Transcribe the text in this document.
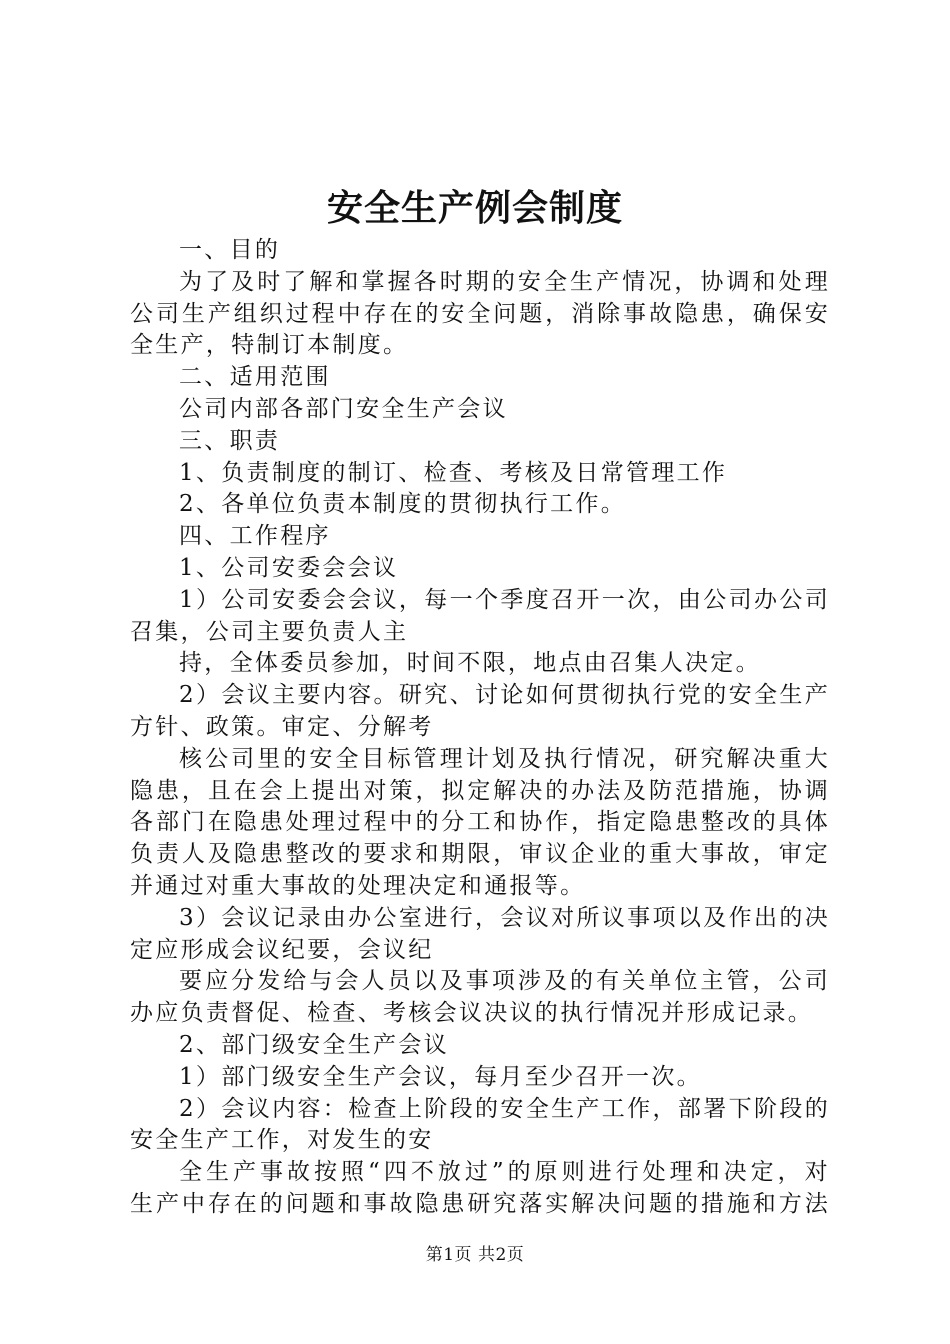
安全生产例会制度
一、目的
为了及时了解和掌握各时期的安全生产情况，协调和处理
公司生产组织过程中存在的安全问题，消除事故隐患，确保安
全生产，特制订本制度。
二、适用范围
公司内部各部门安全生产会议
三、职责
1、负责制度的制订、检查、考核及日常管理工作
2、各单位负责本制度的贯彻执行工作。
四、工作程序
1、公司安委会会议
1）公司安委会会议，每一个季度召开一次，由公司办公司
召集，公司主要负责人主
持，全体委员参加，时间不限，地点由召集人决定。
2）会议主要内容。研究、讨论如何贯彻执行党的安全生产
方针、政策。审定、分解考
核公司里的安全目标管理计划及执行情况，研究解决重大
隐患，且在会上提出对策，拟定解决的办法及防范措施，协调
各部门在隐患处理过程中的分工和协作，指定隐患整改的具体
负责人及隐患整改的要求和期限，审议企业的重大事故，审定
并通过对重大事故的处理决定和通报等。
3）会议记录由办公室进行，会议对所议事项以及作出的决
定应形成会议纪要，会议纪
要应分发给与会人员以及事项涉及的有关单位主管，公司
办应负责督促、检查、考核会议决议的执行情况并形成记录。
2、部门级安全生产会议
1）部门级安全生产会议，每月至少召开一次。
2）会议内容：检查上阶段的安全生产工作，部署下阶段的
安全生产工作，对发生的安
全生产事故按照“四不放过”的原则进行处理和决定，对
生产中存在的问题和事故隐患研究落实解决问题的措施和方法
第1页 共2页
